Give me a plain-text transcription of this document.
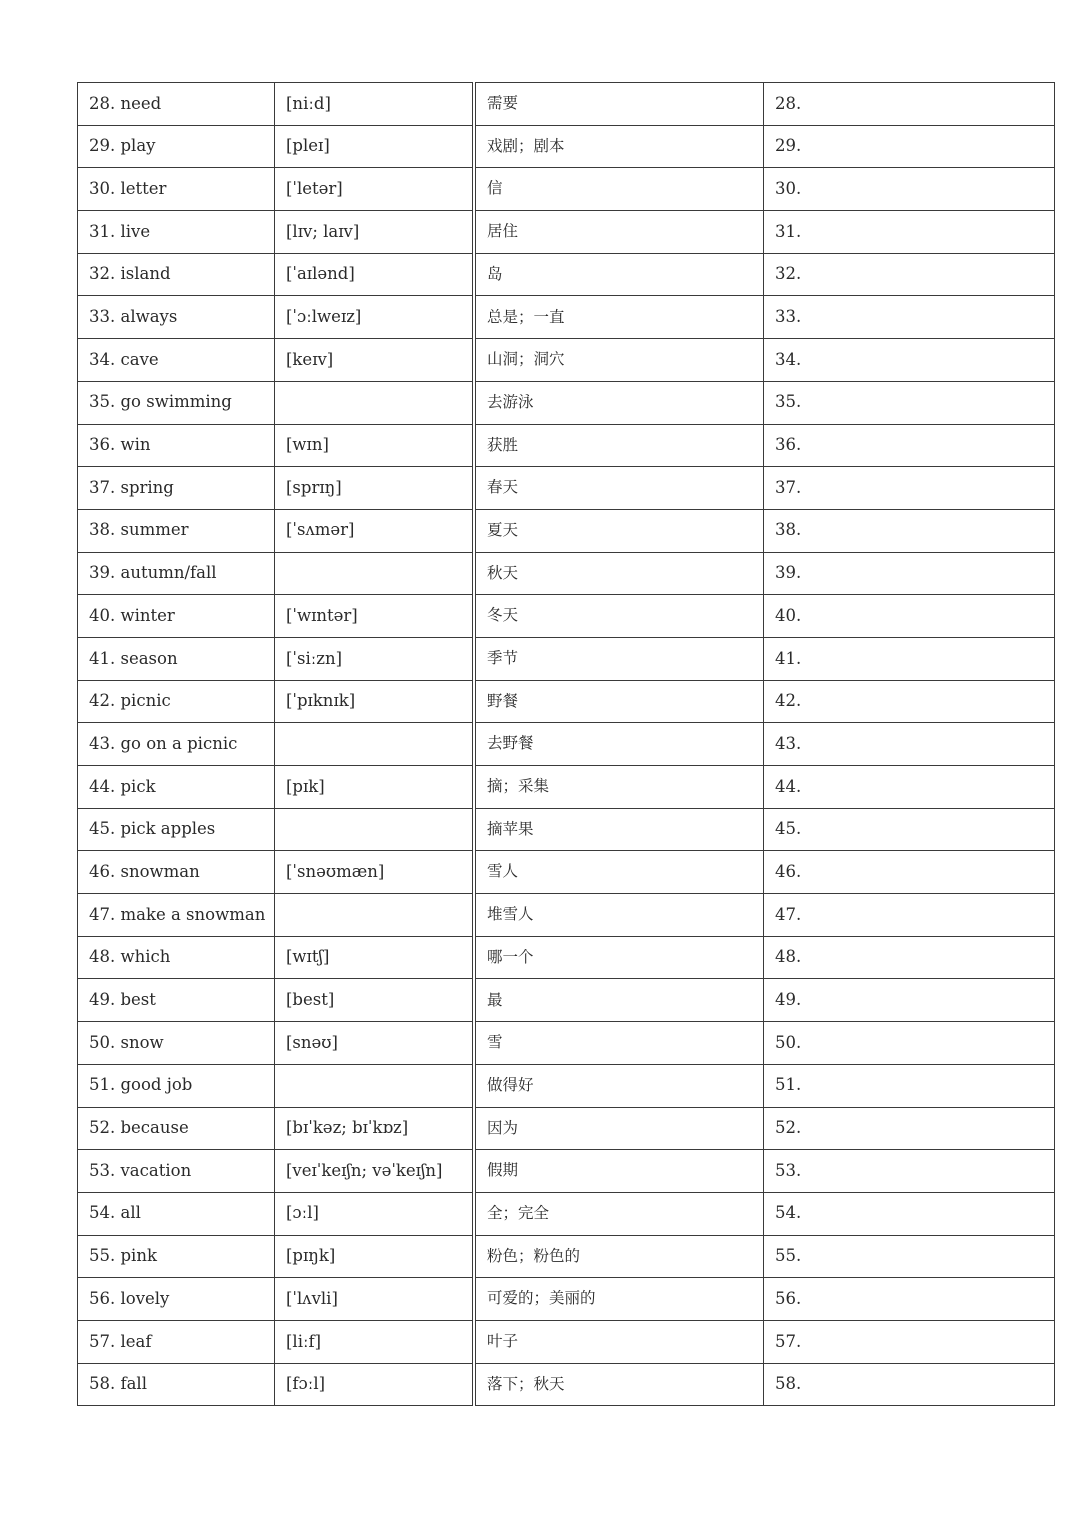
28. need	[niːd]	需要	28.
29. play	[pleɪ]	戏剧；剧本	29.
30. letter	[ˈletər]	信	30.
31. live	[lɪv; laɪv]	居住	31.
32. island	[ˈaɪlənd]	岛	32.
33. always	[ˈɔːlweɪz]	总是；一直	33.
34. cave	[keɪv]	山洞；洞穴	34.
35. go swimming		去游泳	35.
36. win	[wɪn]	获胜	36.
37. spring	[sprɪŋ]	春天	37.
38. summer	[ˈsʌmər]	夏天	38.
39. autumn/fall		秋天	39.
40. winter	[ˈwɪntər]	冬天	40.
41. season	[ˈsiːzn]	季节	41.
42. picnic	[ˈpɪknɪk]	野餐	42.
43. go on a picnic		去野餐	43.
44. pick	[pɪk]	摘；采集	44.
45. pick apples		摘苹果	45.
46. snowman	[ˈsnəʊmæn]	雪人	46.
47. make a snowman		堆雪人	47.
48. which	[wɪtʃ]	哪一个	48.
49. best	[best]	最	49.
50. snow	[snəʊ]	雪	50.
51. good job		做得好	51.
52. because	[bɪˈkəz; bɪˈkɒz]	因为	52.
53. vacation	[veɪˈkeɪʃn; vəˈkeɪʃn]	假期	53.
54. all	[ɔːl]	全；完全	54.
55. pink	[pɪŋk]	粉色；粉色的	55.
56. lovely	[ˈlʌvli]	可爱的；美丽的	56.
57. leaf	[liːf]	叶子	57.
58. fall	[fɔːl]	落下；秋天	58.
